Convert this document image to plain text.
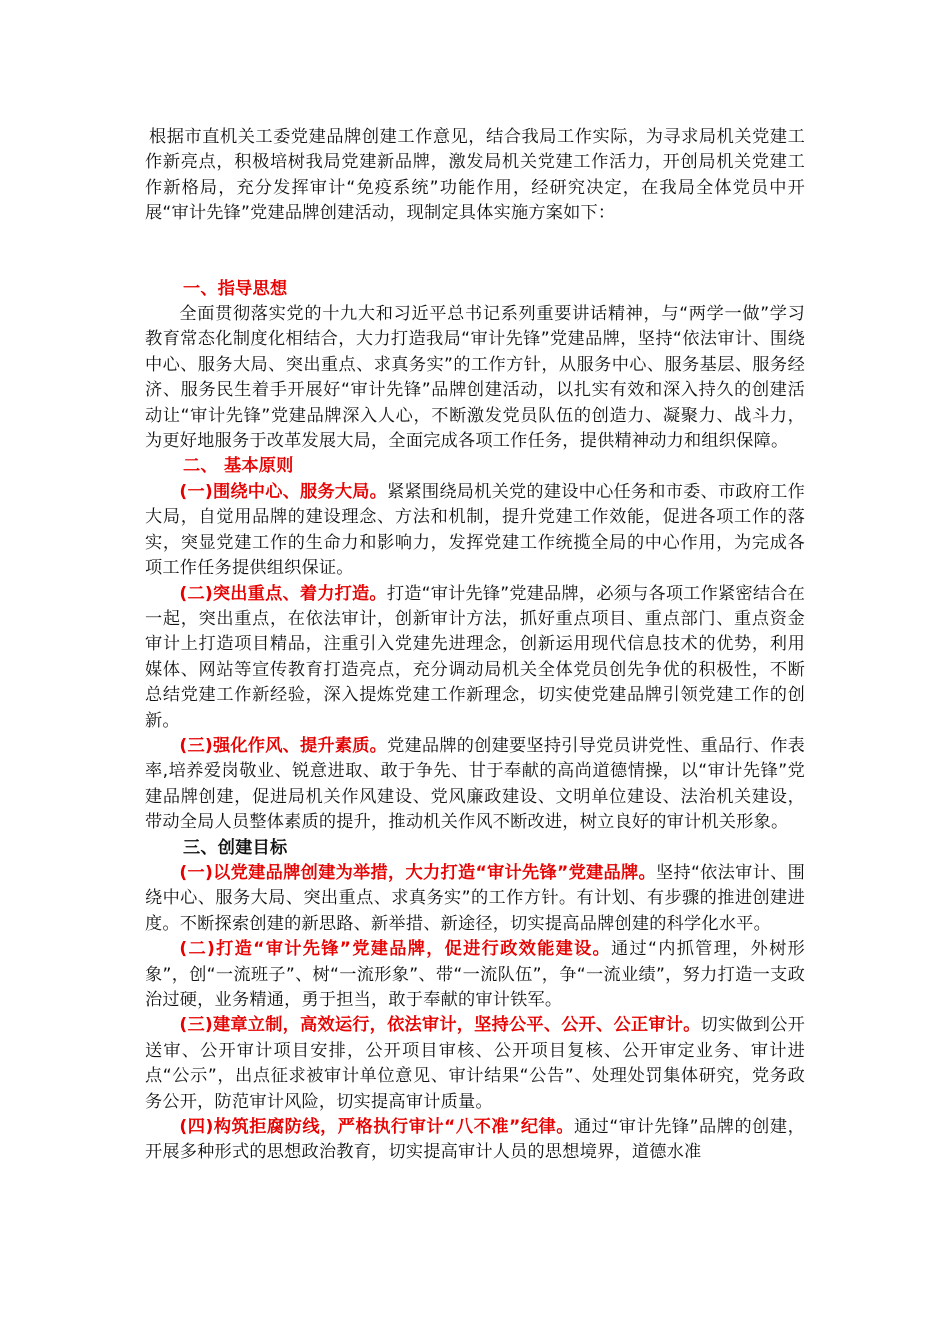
根据市直机关工委党建品牌创建工作意见，结合我局工作实际，为寻求局机关党建工作新亮点，积极培树我局党建新品牌，激发局机关党建工作活力，开创局机关党建工作新格局，充分发挥审计“免疫系统”功能作用，经研究决定，在我局全体党员中开展“审计先锋”党建品牌创建活动，现制定具体实施方案如下：

一、指导思想

全面贯彻落实党的十九大和习近平总书记系列重要讲话精神，与“两学一做”学习教育常态化制度化相结合，大力打造我局“审计先锋”党建品牌，坚持“依法审计、围绕中心、服务大局、突出重点、求真务实”的工作方针，从服务中心、服务基层、服务经济、服务民生着手开展好“审计先锋”品牌创建活动，以扎实有效和深入持久的创建活动让“审计先锋”党建品牌深入人心，不断激发党员队伍的创造力、凝聚力、战斗力，为更好地服务于改革发展大局，全面完成各项工作任务，提供精神动力和组织保障。

二、 基本原则

(一)围绕中心、服务大局。紧紧围绕局机关党的建设中心任务和市委、市政府工作大局，自觉用品牌的建设理念、方法和机制，提升党建工作效能，促进各项工作的落实，突显党建工作的生命力和影响力，发挥党建工作统揽全局的中心作用，为完成各项工作任务提供组织保证。

(二)突出重点、着力打造。打造“审计先锋”党建品牌，必须与各项工作紧密结合在一起，突出重点，在依法审计，创新审计方法，抓好重点项目、重点部门、重点资金审计上打造项目精品，注重引入党建先进理念，创新运用现代信息技术的优势，利用媒体、网站等宣传教育打造亮点，充分调动局机关全体党员创先争优的积极性，不断总结党建工作新经验，深入提炼党建工作新理念，切实使党建品牌引领党建工作的创新。

(三)强化作风、提升素质。党建品牌的创建要坚持引导党员讲党性、重品行、作表率,培养爱岗敬业、锐意进取、敢于争先、甘于奉献的高尚道德情操，以“审计先锋”党建品牌创建，促进局机关作风建设、党风廉政建设、文明单位建设、法治机关建设，带动全局人员整体素质的提升，推动机关作风不断改进，树立良好的审计机关形象。

三、创建目标

(一)以党建品牌创建为举措，大力打造“审计先锋”党建品牌。坚持“依法审计、围绕中心、服务大局、突出重点、求真务实”的工作方针。有计划、有步骤的推进创建进度。不断探索创建的新思路、新举措、新途径，切实提高品牌创建的科学化水平。

(二)打造“审计先锋”党建品牌，促进行政效能建设。通过“内抓管理，外树形象”，创“一流班子”、树“一流形象”、带“一流队伍”，争“一流业绩”，努力打造一支政治过硬，业务精通，勇于担当，敢于奉献的审计铁军。

(三)建章立制，高效运行，依法审计，坚持公平、公开、公正审计。切实做到公开送审、公开审计项目安排，公开项目审核、公开项目复核、公开审定业务、审计进点“公示”，出点征求被审计单位意见、审计结果“公告”、处理处罚集体研究，党务政务公开，防范审计风险，切实提高审计质量。

(四)构筑拒腐防线，严格执行审计“八不准”纪律。通过“审计先锋”品牌的创建，开展多种形式的思想政治教育，切实提高审计人员的思想境界，道德水准
